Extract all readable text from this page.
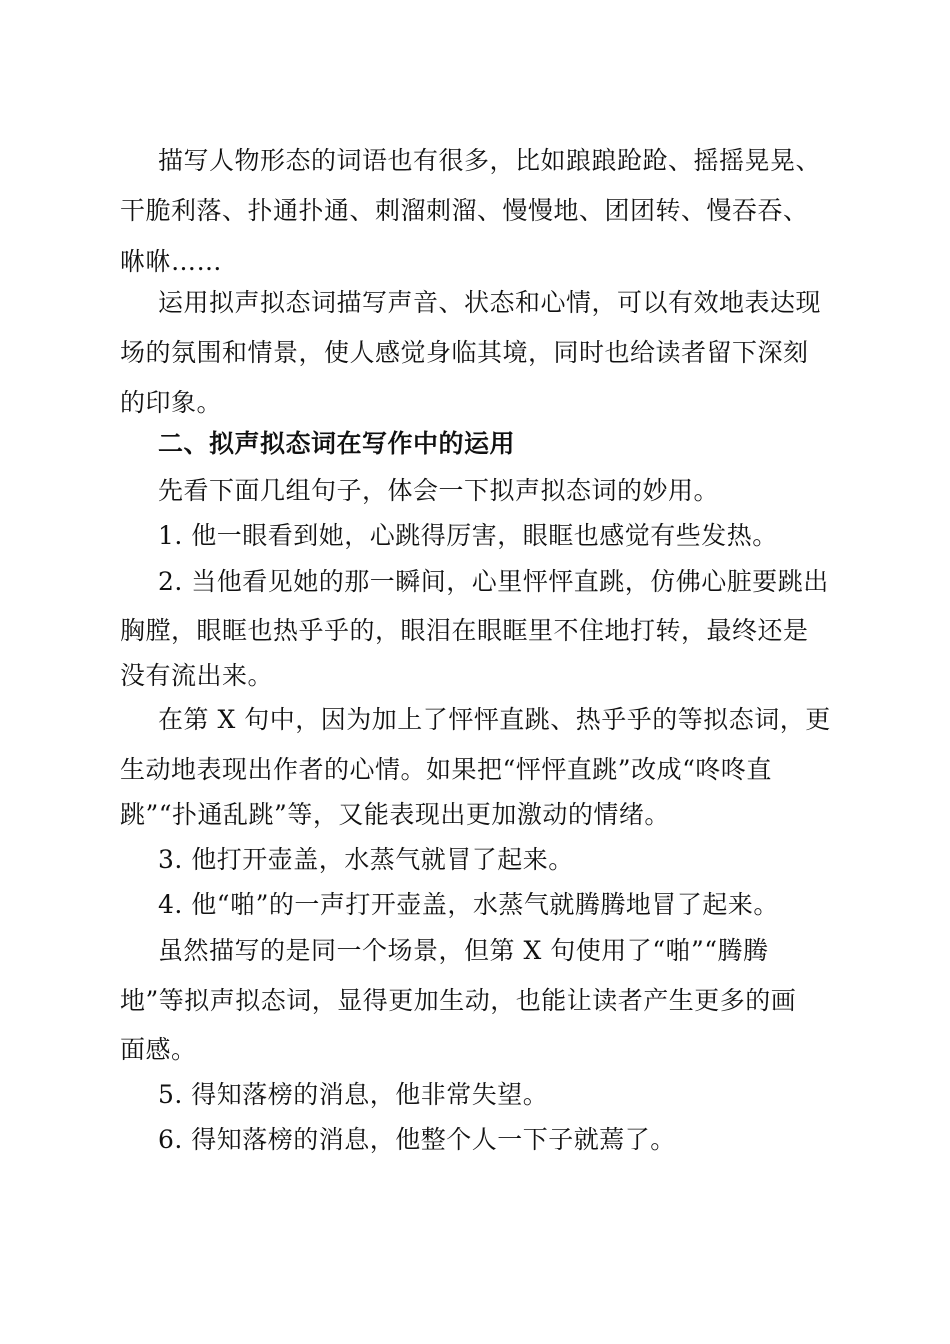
描写人物形态的词语也有很多，比如踉踉跄跄、摇摇晃晃、
干脆利落、扑通扑通、刺溜刺溜、慢慢地、团团转、慢吞吞、
咻咻……
运用拟声拟态词描写声音、状态和心情，可以有效地表达现
场的氛围和情景，使人感觉身临其境，同时也给读者留下深刻
的印象。
二、拟声拟态词在写作中的运用
先看下面几组句子，体会一下拟声拟态词的妙用。
1. 他一眼看到她，心跳得厉害，眼眶也感觉有些发热。
2. 当他看见她的那一瞬间，心里怦怦直跳，仿佛心脏要跳出
胸膛，眼眶也热乎乎的，眼泪在眼眶里不住地打转，最终还是
没有流出来。
在第 X 句中，因为加上了怦怦直跳、热乎乎的等拟态词，更
生动地表现出作者的心情。如果把“怦怦直跳”改成“咚咚直
跳”“扑通乱跳”等，又能表现出更加激动的情绪。
3. 他打开壶盖，水蒸气就冒了起来。
4. 他“啪”的一声打开壶盖，水蒸气就腾腾地冒了起来。
虽然描写的是同一个场景，但第 X 句使用了“啪”“腾腾
地”等拟声拟态词，显得更加生动，也能让读者产生更多的画
面感。
5. 得知落榜的消息，他非常失望。
6. 得知落榜的消息，他整个人一下子就蔫了。
